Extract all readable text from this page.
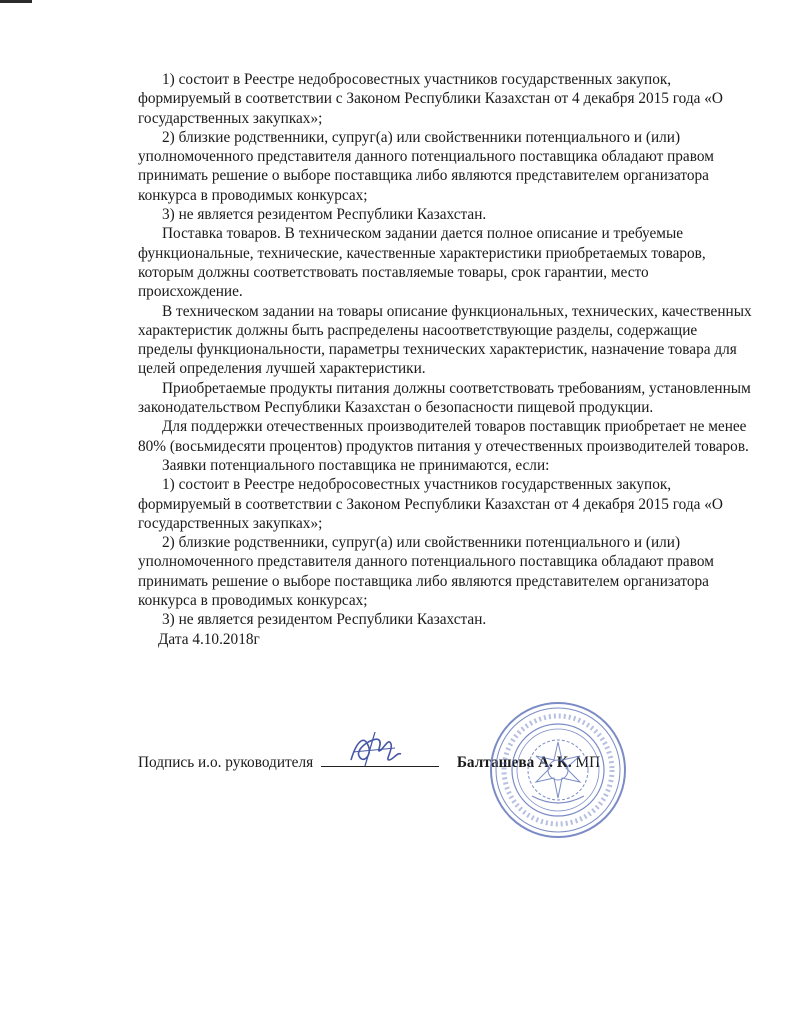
1) состоит в Реестре недобросовестных участников государственных закупок, формируемый в соответствии с Законом Республики Казахстан от 4 декабря 2015 года «О государственных закупках»;

2) близкие родственники, супруг(а) или свойственники потенциального и (или) уполномоченного представителя данного потенциального поставщика обладают правом принимать решение о выборе поставщика либо являются представителем организатора конкурса в проводимых конкурсах;

3) не является резидентом Республики Казахстан.

Поставка товаров. В техническом задании дается полное описание и требуемые функциональные, технические, качественные характеристики приобретаемых товаров, которым должны соответствовать поставляемые товары, срок гарантии, место происхождение.

В техническом задании на товары описание функциональных, технических, качественных характеристик должны быть распределены насоответствующие разделы, содержащие пределы функциональности, параметры технических характеристик, назначение товара для целей определения лучшей характеристики.

Приобретаемые продукты питания должны соответствовать требованиям, установленным законодательством Республики Казахстан о безопасности пищевой продукции.

Для поддержки отечественных производителей товаров поставщик приобретает не менее 80% (восьмидесяти процентов) продуктов питания у отечественных производителей товаров.

Заявки потенциального поставщика не принимаются, если:

1) состоит в Реестре недобросовестных участников государственных закупок, формируемый в соответствии с Законом Республики Казахстан от 4 декабря 2015 года «О государственных закупках»;

2) близкие родственники, супруг(а) или свойственники потенциального и (или) уполномоченного представителя данного потенциального поставщика обладают правом принимать решение о выборе поставщика либо являются представителем организатора конкурса в проводимых конкурсах;

3) не является резидентом Республики Казахстан.

Дата 4.10.2018г
Подпись и.о. руководителя	Балташева А. К. МП
